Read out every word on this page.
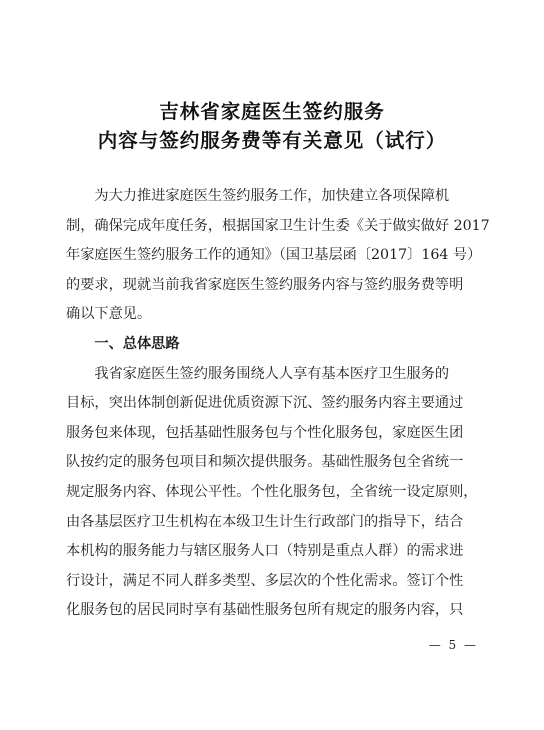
吉林省家庭医生签约服务
内容与签约服务费等有关意见（试行）
为大力推进家庭医生签约服务工作，加快建立各项保障机
制，确保完成年度任务，根据国家卫生计生委《关于做实做好 2017
年家庭医生签约服务工作的通知》（国卫基层函〔2017〕164 号）
的要求，现就当前我省家庭医生签约服务内容与签约服务费等明
确以下意见。
一、总体思路
我省家庭医生签约服务围绕人人享有基本医疗卫生服务的
目标，突出体制创新促进优质资源下沉、签约服务内容主要通过
服务包来体现，包括基础性服务包与个性化服务包，家庭医生团
队按约定的服务包项目和频次提供服务。基础性服务包全省统一
规定服务内容、体现公平性。个性化服务包，全省统一设定原则，
由各基层医疗卫生机构在本级卫生计生行政部门的指导下，结合
本机构的服务能力与辖区服务人口（特别是重点人群）的需求进
行设计，满足不同人群多类型、多层次的个性化需求。签订个性
化服务包的居民同时享有基础性服务包所有规定的服务内容，只
— 5 —
